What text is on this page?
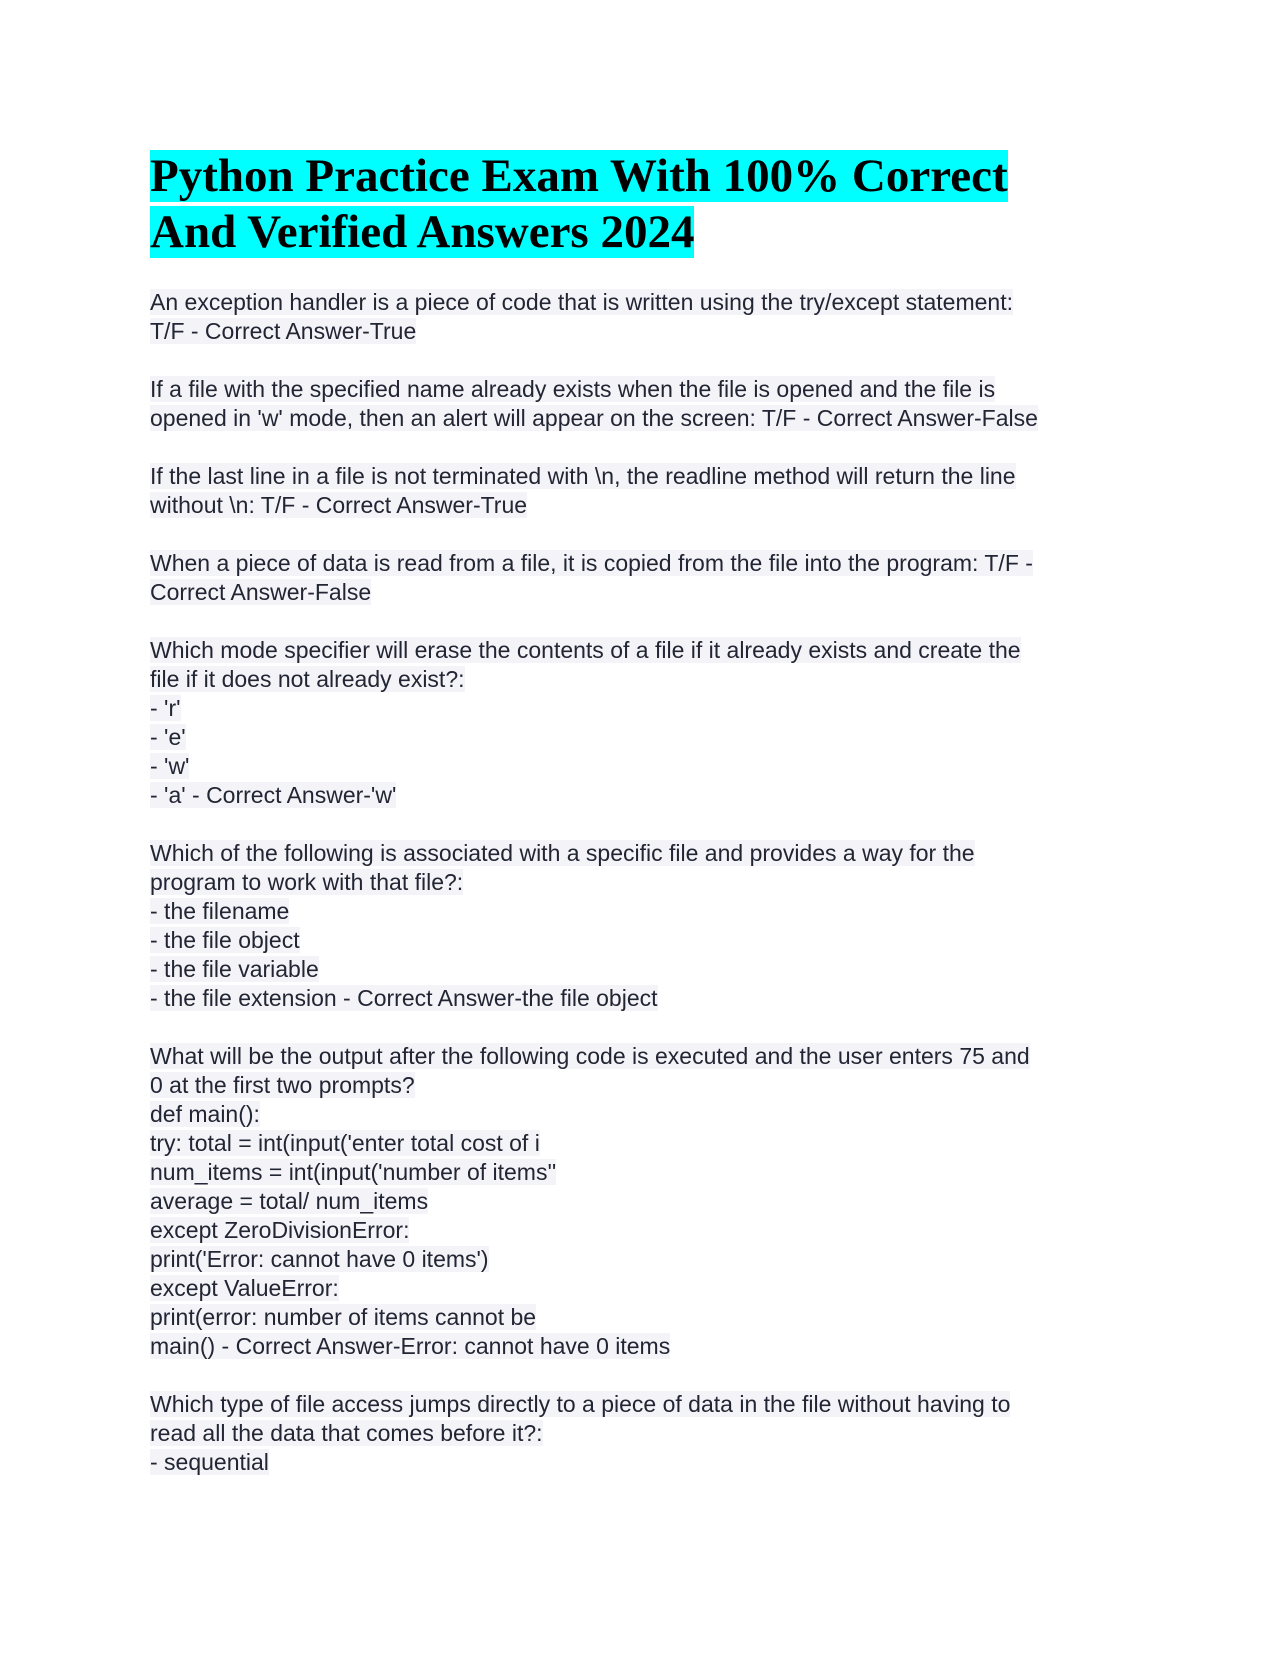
Python Practice Exam With 100% Correct
And Verified Answers 2024
An exception handler is a piece of code that is written using the try/except statement:
T/F - Correct Answer-True
If a file with the specified name already exists when the file is opened and the file is
opened in 'w' mode, then an alert will appear on the screen: T/F - Correct Answer-False
If the last line in a file is not terminated with \n, the readline method will return the line
without \n: T/F - Correct Answer-True
When a piece of data is read from a file, it is copied from the file into the program: T/F -
Correct Answer-False
Which mode specifier will erase the contents of a file if it already exists and create the
file if it does not already exist?:
- 'r'
- 'e'
- 'w'
- 'a' - Correct Answer-'w'
Which of the following is associated with a specific file and provides a way for the
program to work with that file?:
- the filename
- the file object
- the file variable
- the file extension - Correct Answer-the file object
What will be the output after the following code is executed and the user enters 75 and
0 at the first two prompts?
def main():
try: total = int(input('enter total cost of i
num_items = int(input('number of items''
average = total/ num_items
except ZeroDivisionError:
print('Error: cannot have 0 items')
except ValueError:
print(error: number of items cannot be
main() - Correct Answer-Error: cannot have 0 items
Which type of file access jumps directly to a piece of data in the file without having to
read all the data that comes before it?:
- sequential
